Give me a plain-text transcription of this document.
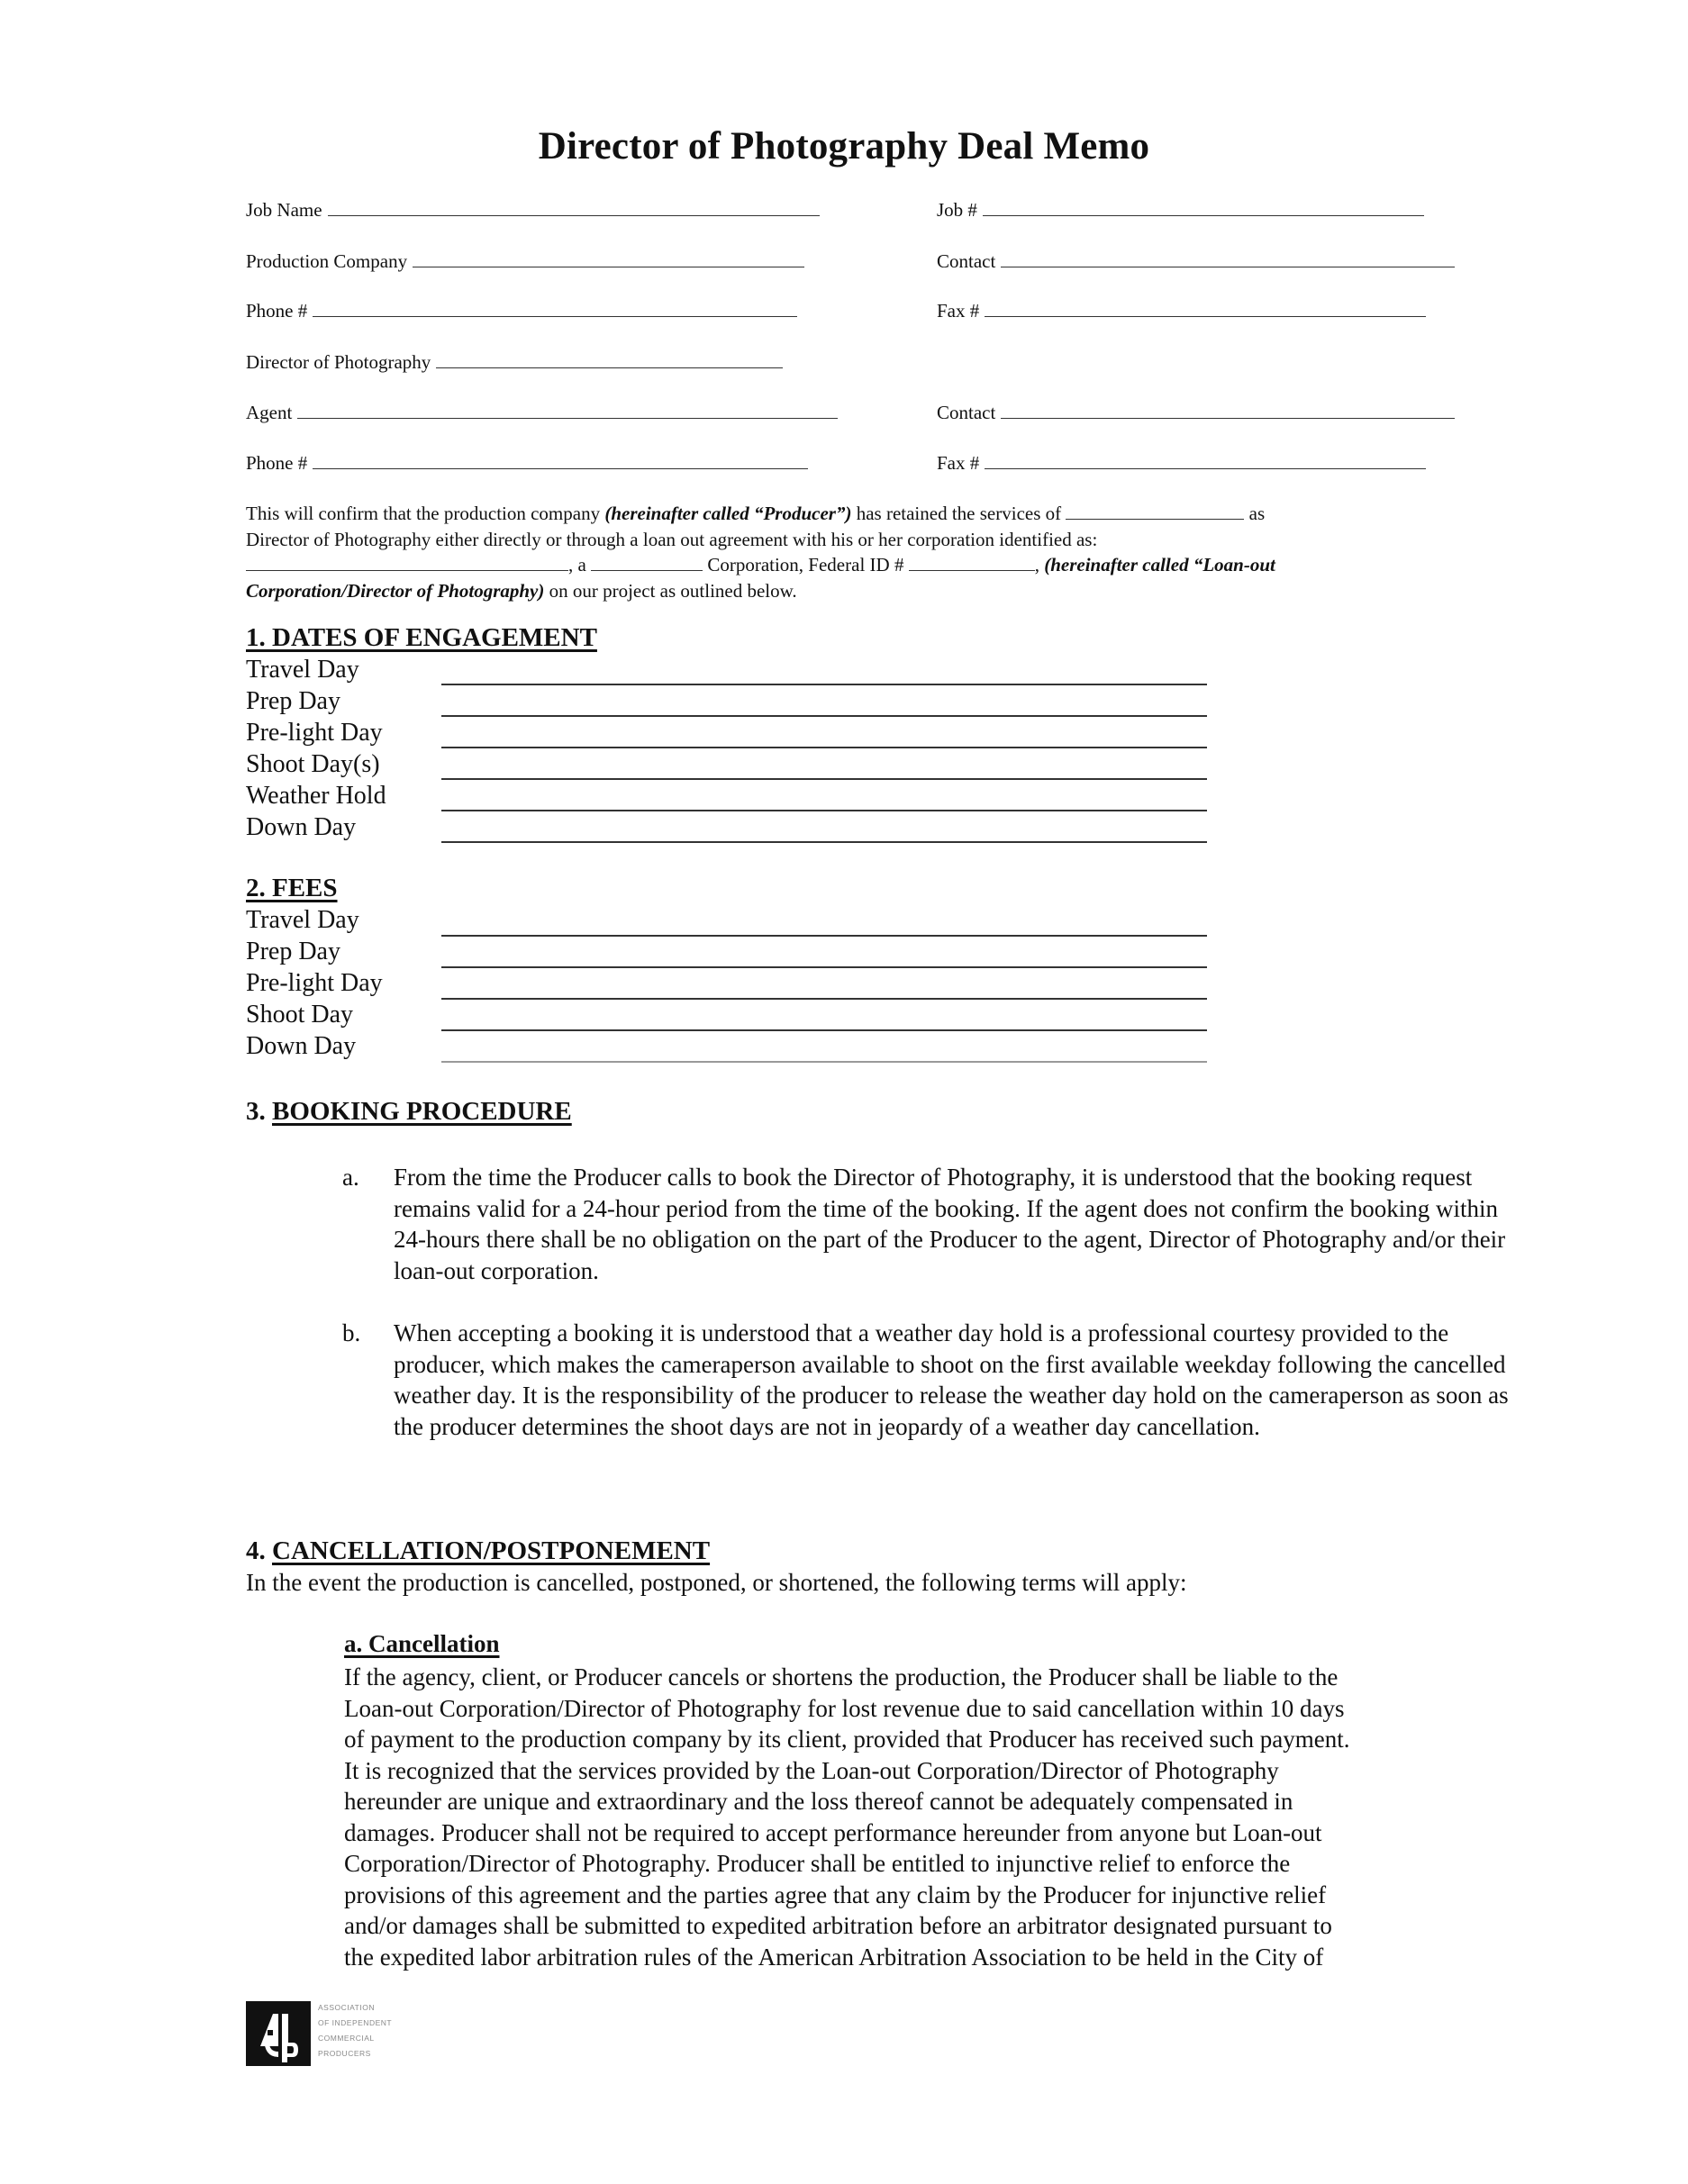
Director of Photography Deal Memo
Job Name	Job #
Production Company	Contact
Phone #	Fax #
Director of Photography
Agent	Contact
Phone #	Fax #
This will confirm that the production company (hereinafter called “Producer”) has retained the services of	as
Director of Photography either directly or through a loan out agreement with his or her corporation identified as:
, a	Corporation, Federal ID #	, (hereinafter called “Loan-out
Corporation/Director of Photography) on our project as outlined below.
1. DATES OF ENGAGEMENT
Travel Day
Prep Day
Pre-light Day
Shoot Day(s)
Weather Hold
Down Day
2. FEES
Travel Day
Prep Day
Pre-light Day
Shoot Day
Down Day
3. BOOKING PROCEDURE
a. From the time the Producer calls to book the Director of Photography, it is understood that the booking request remains valid for a 24-hour period from the time of the booking. If the agent does not confirm the booking within 24-hours there shall be no obligation on the part of the Producer to the agent, Director of Photography and/or their loan-out corporation.
b. When accepting a booking it is understood that a weather day hold is a professional courtesy provided to the producer, which makes the cameraperson available to shoot on the first available weekday following the cancelled weather day. It is the responsibility of the producer to release the weather day hold on the cameraperson as soon as the producer determines the shoot days are not in jeopardy of a weather day cancellation.
4. CANCELLATION/POSTPONEMENT
In the event the production is cancelled, postponed, or shortened, the following terms will apply:
a. Cancellation
If the agency, client, or Producer cancels or shortens the production, the Producer shall be liable to the
Loan-out Corporation/Director of Photography for lost revenue due to said cancellation within 10 days
of payment to the production company by its client, provided that Producer has received such payment.
It is recognized that the services provided by the Loan-out Corporation/Director of Photography
hereunder are unique and extraordinary and the loss thereof cannot be adequately compensated in
damages. Producer shall not be required to accept performance hereunder from anyone but Loan-out
Corporation/Director of Photography. Producer shall be entitled to injunctive relief to enforce the
provisions of this agreement and the parties agree that any claim by the Producer for injunctive relief
and/or damages shall be submitted to expedited arbitration before an arbitrator designated pursuant to
the expedited labor arbitration rules of the American Arbitration Association to be held in the City of
ASSOCIATION
OF INDEPENDENT
COMMERCIAL
PRODUCERS
